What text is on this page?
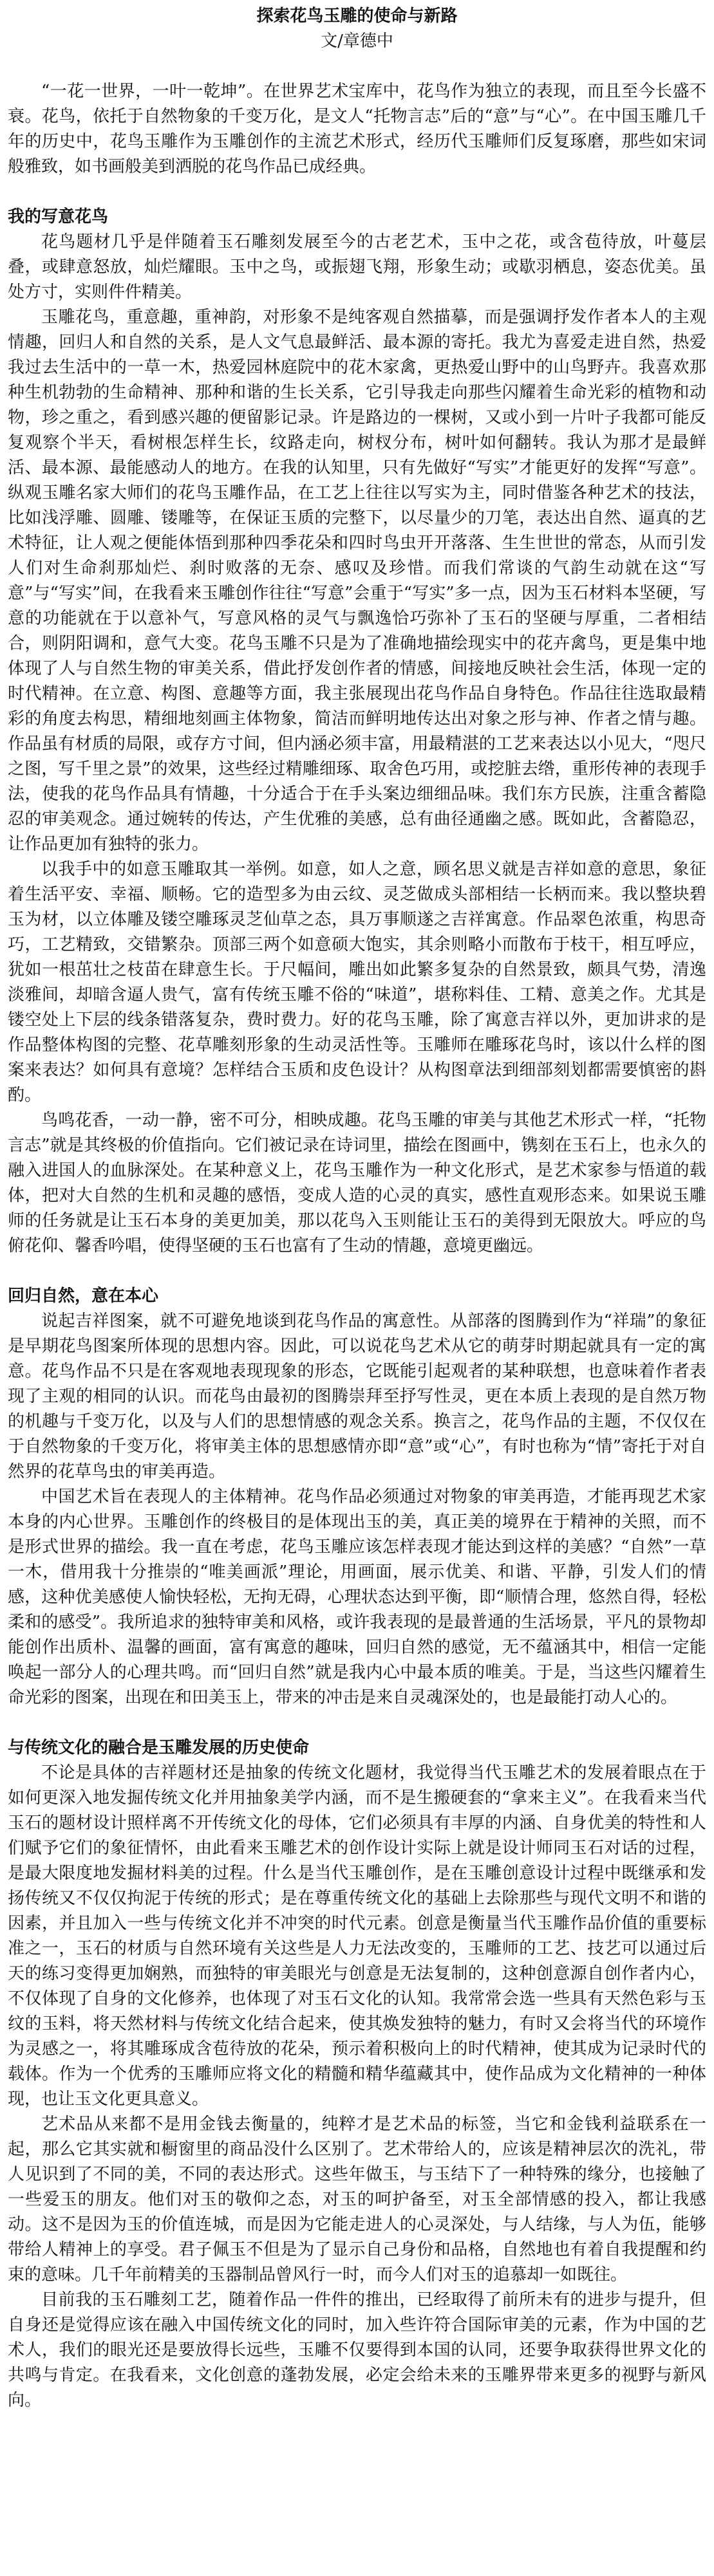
探索花鸟玉雕的使命与新路
文/章德中

“一花一世界，一叶一乾坤”。在世界艺术宝库中，花鸟作为独立的表现，而且至今长盛不衰。花鸟，依托于自然物象的千变万化，是文人“托物言志”后的“意”与“心”。在中国玉雕几千年的历史中，花鸟玉雕作为玉雕创作的主流艺术形式，经历代玉雕师们反复琢磨，那些如宋词般雅致，如书画般美到洒脱的花鸟作品已成经典。

我的写意花鸟

花鸟题材几乎是伴随着玉石雕刻发展至今的古老艺术，玉中之花，或含苞待放，叶蔓层叠，或肆意怒放，灿烂耀眼。玉中之鸟，或振翅飞翔，形象生动；或歇羽栖息，姿态优美。虽处方寸，实则件件精美。

玉雕花鸟，重意趣，重神韵，对形象不是纯客观自然描摹，而是强调抒发作者本人的主观情趣，回归人和自然的关系，是人文气息最鲜活、最本源的寄托。我尤为喜爱走进自然，热爱我过去生活中的一草一木，热爱园林庭院中的花木家禽，更热爱山野中的山鸟野卉。我喜欢那种生机勃勃的生命精神、那种和谐的生长关系，它引导我走向那些闪耀着生命光彩的植物和动物，珍之重之，看到感兴趣的便留影记录。许是路边的一棵树，又或小到一片叶子我都可能反复观察个半天，看树根怎样生长，纹路走向，树杈分布，树叶如何翻转。我认为那才是最鲜活、最本源、最能感动人的地方。在我的认知里，只有先做好“写实”才能更好的发挥“写意”。纵观玉雕名家大师们的花鸟玉雕作品，在工艺上往往以写实为主，同时借鉴各种艺术的技法，比如浅浮雕、圆雕、镂雕等，在保证玉质的完整下，以尽量少的刀笔，表达出自然、逼真的艺术特征，让人观之便能体悟到那种四季花朵和四时鸟虫开开落落、生生世世的常态，从而引发人们对生命刹那灿烂、刹时败落的无奈、感叹及珍惜。而我们常谈的气韵生动就在这“写意”与“写实”间，在我看来玉雕创作往往“写意”会重于“写实”多一点，因为玉石材料本坚硬，写意的功能就在于以意补气，写意风格的灵气与飘逸恰巧弥补了玉石的坚硬与厚重，二者相结合，则阴阳调和，意气大变。花鸟玉雕不只是为了准确地描绘现实中的花卉禽鸟，更是集中地体现了人与自然生物的审美关系，借此抒发创作者的情感，间接地反映社会生活，体现一定的时代精神。在立意、构图、意趣等方面，我主张展现出花鸟作品自身特色。作品往往选取最精彩的角度去构思，精细地刻画主体物象，简洁而鲜明地传达出对象之形与神、作者之情与趣。作品虽有材质的局限，或存方寸间，但内涵必须丰富，用最精湛的工艺来表达以小见大，“咫尺之图，写千里之景”的效果，这些经过精雕细琢、取舍色巧用，或挖脏去绺，重形传神的表现手法，使我的花鸟作品具有情趣，十分适合于在手头案边细细品味。我们东方民族，注重含蓄隐忍的审美观念。通过婉转的传达，产生优雅的美感，总有曲径通幽之感。既如此，含蓄隐忍，让作品更加有独特的张力。

以我手中的如意玉雕取其一举例。如意，如人之意，顾名思义就是吉祥如意的意思，象征着生活平安、幸福、顺畅。它的造型多为由云纹、灵芝做成头部相结一长柄而来。我以整块碧玉为材，以立体雕及镂空雕琢灵芝仙草之态，具万事顺遂之吉祥寓意。作品翠色浓重，构思奇巧，工艺精致，交错繁杂。顶部三两个如意硕大饱实，其余则略小而散布于枝干，相互呼应，犹如一根茁壮之枝苗在肆意生长。于尺幅间，雕出如此繁多复杂的自然景致，颇具气势，清逸淡雅间，却暗含逼人贵气，富有传统玉雕不俗的“味道”，堪称料佳、工精、意美之作。尤其是镂空处上下层的线条错落复杂，费时费力。好的花鸟玉雕，除了寓意吉祥以外，更加讲求的是作品整体构图的完整、花草雕刻形象的生动灵活性等。玉雕师在雕琢花鸟时，该以什么样的图案来表达？如何具有意境？怎样结合玉质和皮色设计？从构图章法到细部刻划都需要慎密的斟酌。

鸟鸣花香，一动一静，密不可分，相映成趣。花鸟玉雕的审美与其他艺术形式一样，“托物言志”就是其终极的价值指向。它们被记录在诗词里，描绘在图画中，镌刻在玉石上，也永久的融入进国人的血脉深处。在某种意义上，花鸟玉雕作为一种文化形式，是艺术家参与悟道的载体，把对大自然的生机和灵趣的感悟，变成人造的心灵的真实，感性直观形态来。如果说玉雕师的任务就是让玉石本身的美更加美，那以花鸟入玉则能让玉石的美得到无限放大。呼应的鸟俯花仰、馨香吟唱，使得坚硬的玉石也富有了生动的情趣，意境更幽远。

回归自然，意在本心

说起吉祥图案，就不可避免地谈到花鸟作品的寓意性。从部落的图腾到作为“祥瑞”的象征是早期花鸟图案所体现的思想内容。因此，可以说花鸟艺术从它的萌芽时期起就具有一定的寓意。花鸟作品不只是在客观地表现现象的形态，它既能引起观者的某种联想，也意味着作者表现了主观的相同的认识。而花鸟由最初的图腾崇拜至抒写性灵，更在本质上表现的是自然万物的机趣与千变万化，以及与人们的思想情感的观念关系。换言之，花鸟作品的主题，不仅仅在于自然物象的千变万化，将审美主体的思想感情亦即“意”或“心”，有时也称为“情”寄托于对自然界的花草鸟虫的审美再造。

中国艺术旨在表现人的主体精神。花鸟作品必须通过对物象的审美再造，才能再现艺术家本身的内心世界。玉雕创作的终极目的是体现出玉的美，真正美的境界在于精神的关照，而不是形式世界的描绘。我一直在考虑，花鸟玉雕应该怎样表现才能达到这样的美感？“自然”一草一木，借用我十分推崇的“唯美画派”理论，用画面，展示优美、和谐、平静，引发人们的情感，这种优美感使人愉快轻松，无拘无碍，心理状态达到平衡，即“顺情合理，悠然自得，轻松柔和的感受”。我所追求的独特审美和风格，或许我表现的是最普通的生活场景，平凡的景物却能创作出质朴、温馨的画面，富有寓意的趣味，回归自然的感觉，无不蕴涵其中，相信一定能唤起一部分人的心理共鸣。而“回归自然”就是我内心中最本质的唯美。于是，当这些闪耀着生命光彩的图案，出现在和田美玉上，带来的冲击是来自灵魂深处的，也是最能打动人心的。

与传统文化的融合是玉雕发展的历史使命

不论是具体的吉祥题材还是抽象的传统文化题材，我觉得当代玉雕艺术的发展着眼点在于如何更深入地发掘传统文化并用抽象美学内涵，而不是生搬硬套的“拿来主义”。在我看来当代玉石的题材设计照样离不开传统文化的母体，它们必须具有丰厚的内涵、自身优美的特性和人们赋予它们的象征情怀，由此看来玉雕艺术的创作设计实际上就是设计师同玉石对话的过程，是最大限度地发掘材料美的过程。什么是当代玉雕创作，是在玉雕创意设计过程中既继承和发扬传统又不仅仅拘泥于传统的形式；是在尊重传统文化的基础上去除那些与现代文明不和谐的因素，并且加入一些与传统文化并不冲突的时代元素。创意是衡量当代玉雕作品价值的重要标准之一，玉石的材质与自然环境有关这些是人力无法改变的，玉雕师的工艺、技艺可以通过后天的练习变得更加娴熟，而独特的审美眼光与创意是无法复制的，这种创意源自创作者内心，不仅体现了自身的文化修养，也体现了对玉石文化的认知。我常常会选一些具有天然色彩与玉纹的玉料，将天然材料与传统文化结合起来，使其焕发独特的魅力，有时又会将当代的环境作为灵感之一，将其雕琢成含苞待放的花朵，预示着积极向上的时代精神，使其成为记录时代的载体。作为一个优秀的玉雕师应将文化的精髓和精华蕴藏其中，使作品成为文化精神的一种体现，也让玉文化更具意义。

艺术品从来都不是用金钱去衡量的，纯粹才是艺术品的标签，当它和金钱利益联系在一起，那么它其实就和橱窗里的商品没什么区别了。艺术带给人的，应该是精神层次的洗礼，带人见识到了不同的美，不同的表达形式。这些年做玉，与玉结下了一种特殊的缘分，也接触了一些爱玉的朋友。他们对玉的敬仰之态，对玉的呵护备至，对玉全部情感的投入，都让我感动。这不是因为玉的价值连城，而是因为它能走进人的心灵深处，与人结缘，与人为伍，能够带给人精神上的享受。君子佩玉不但是为了显示自己身份和品格，自然地也有着自我提醒和约束的意味。几千年前精美的玉器制品曾风行一时，而今人们对玉的追慕却一如既往。

目前我的玉石雕刻工艺，随着作品一件件的推出，已经取得了前所未有的进步与提升，但自身还是觉得应该在融入中国传统文化的同时，加入些许符合国际审美的元素，作为中国的艺术人，我们的眼光还是要放得长远些，玉雕不仅要得到本国的认同，还要争取获得世界文化的共鸣与肯定。在我看来，文化创意的蓬勃发展，必定会给未来的玉雕界带来更多的视野与新风向。
